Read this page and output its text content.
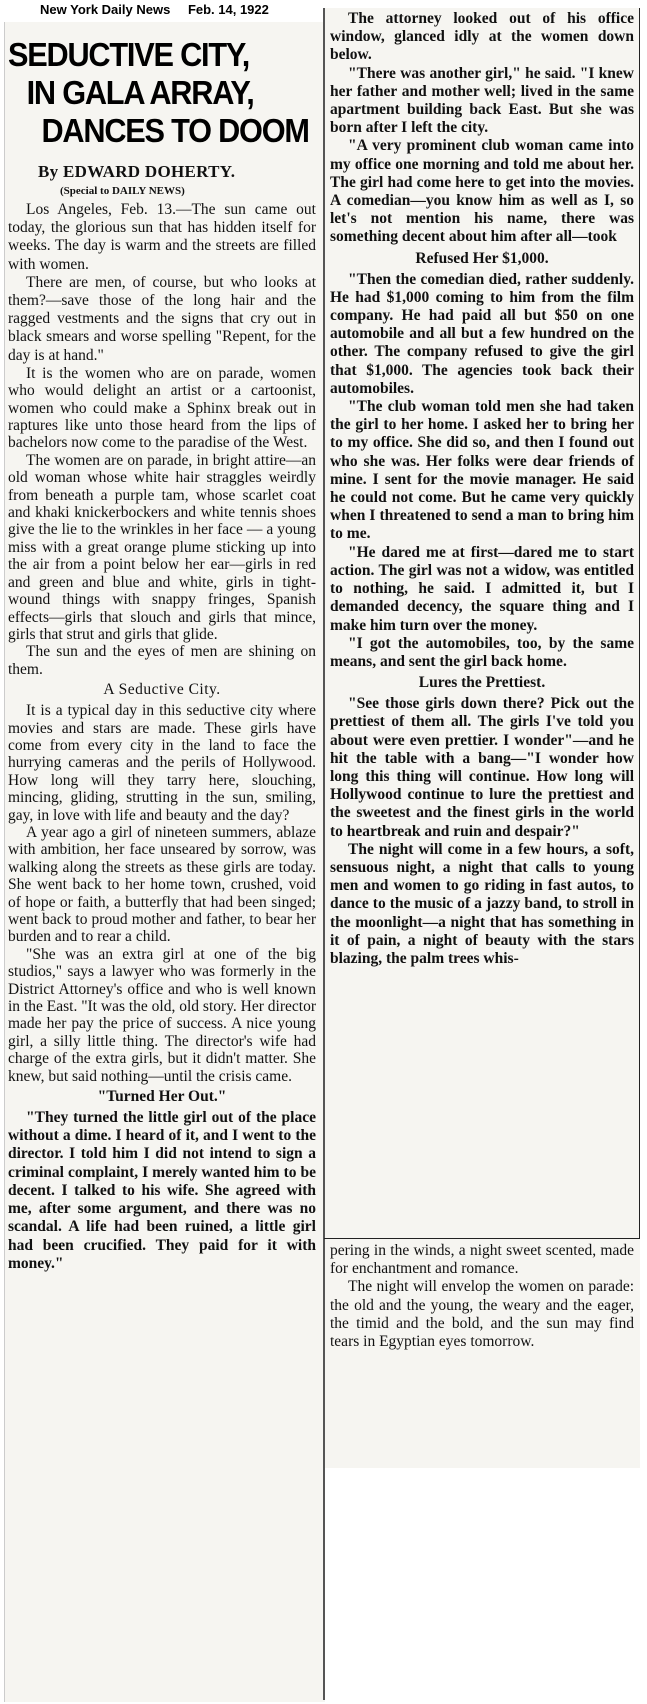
New York Daily News Feb. 14, 1922
SEDUCTIVE CITY,
IN GALA ARRAY,
DANCES TO DOOM
By EDWARD DOHERTY.
(Special to DAILY NEWS)

Los Angeles, Feb. 13.—The sun came out today, the glorious sun that has hidden itself for weeks. The day is warm and the streets are filled with women.

There are men, of course, but who looks at them?—save those of the long hair and the ragged vestments and the signs that cry out in black smears and worse spelling "Repent, for the day is at hand."

It is the women who are on parade, women who would delight an artist or a cartoonist, women who could make a Sphinx break out in raptures like unto those heard from the lips of bachelors now come to the paradise of the West.

The women are on parade, in bright attire—an old woman whose white hair straggles weirdly from beneath a purple tam, whose scarlet coat and khaki knickerbockers and white tennis shoes give the lie to the wrinkles in her face — a young miss with a great orange plume sticking up into the air from a point below her ear—girls in red and green and blue and white, girls in tight-wound things with snappy fringes, Spanish effects—girls that slouch and girls that mince, girls that strut and girls that glide.

The sun and the eyes of men are shining on them.

A Seductive City.

It is a typical day in this seductive city where movies and stars are made. These girls have come from every city in the land to face the hurrying cameras and the perils of Hollywood. How long will they tarry here, slouching, mincing, gliding, strutting in the sun, smiling, gay, in love with life and beauty and the day?

A year ago a girl of nineteen summers, ablaze with ambition, her face unseared by sorrow, was walking along the streets as these girls are today. She went back to her home town, crushed, void of hope or faith, a butterfly that had been singed; went back to proud mother and father, to bear her burden and to rear a child.

"She was an extra girl at one of the big studios," says a lawyer who was formerly in the District Attorney's office and who is well known in the East. "It was the old, old story. Her director made her pay the price of success. A nice young girl, a silly little thing. The director's wife had charge of the extra girls, but it didn't matter. She knew, but said nothing—until the crisis came.

"Turned Her Out."

"They turned the little girl out of the place without a dime. I heard of it, and I went to the director. I told him I did not intend to sign a criminal complaint, I merely wanted him to be decent. I talked to his wife. She agreed with me, after some argument, and there was no scandal. A life had been ruined, a little girl had been crucified. They paid for it with money."

The attorney looked out of his office window, glanced idly at the women down below.

"There was another girl," he said. "I knew her father and mother well; lived in the same apartment building back East. But she was born after I left the city.

"A very prominent club woman came into my office one morning and told me about her. The girl had come here to get into the movies. A comedian—you know him as well as I, so let's not mention his name, there was something decent about him after all—took

Refused Her $1,000.

"Then the comedian died, rather suddenly. He had $1,000 coming to him from the film company. He had paid all but $50 on one automobile and all but a few hundred on the other. The company refused to give the girl that $1,000. The agencies took back their automobiles.

"The club woman told men she had taken the girl to her home. I asked her to bring her to my office. She did so, and then I found out who she was. Her folks were dear friends of mine. I sent for the movie manager. He said he could not come. But he came very quickly when I threatened to send a man to bring him to me.

"He dared me at first—dared me to start action. The girl was not a widow, was entitled to nothing, he said. I admitted it, but I demanded decency, the square thing and I make him turn over the money.

"I got the automobiles, too, by the same means, and sent the girl back home.

Lures the Prettiest.

"See those girls down there? Pick out the prettiest of them all. The girls I've told you about were even prettier. I wonder"—and he hit the table with a bang—"I wonder how long this thing will continue. How long will Hollywood continue to lure the prettiest and the sweetest and the finest girls in the world to heartbreak and ruin and despair?"

The night will come in a few hours, a soft, sensuous night, a night that calls to young men and women to go riding in fast autos, to dance to the music of a jazzy band, to stroll in the moonlight—a night that has something in it of pain, a night of beauty with the stars blazing, the palm trees whis-

pering in the winds, a night sweet scented, made for enchantment and romance.

The night will envelop the women on parade: the old and the young, the weary and the eager, the timid and the bold, and the sun may find tears in Egyptian eyes tomorrow.
